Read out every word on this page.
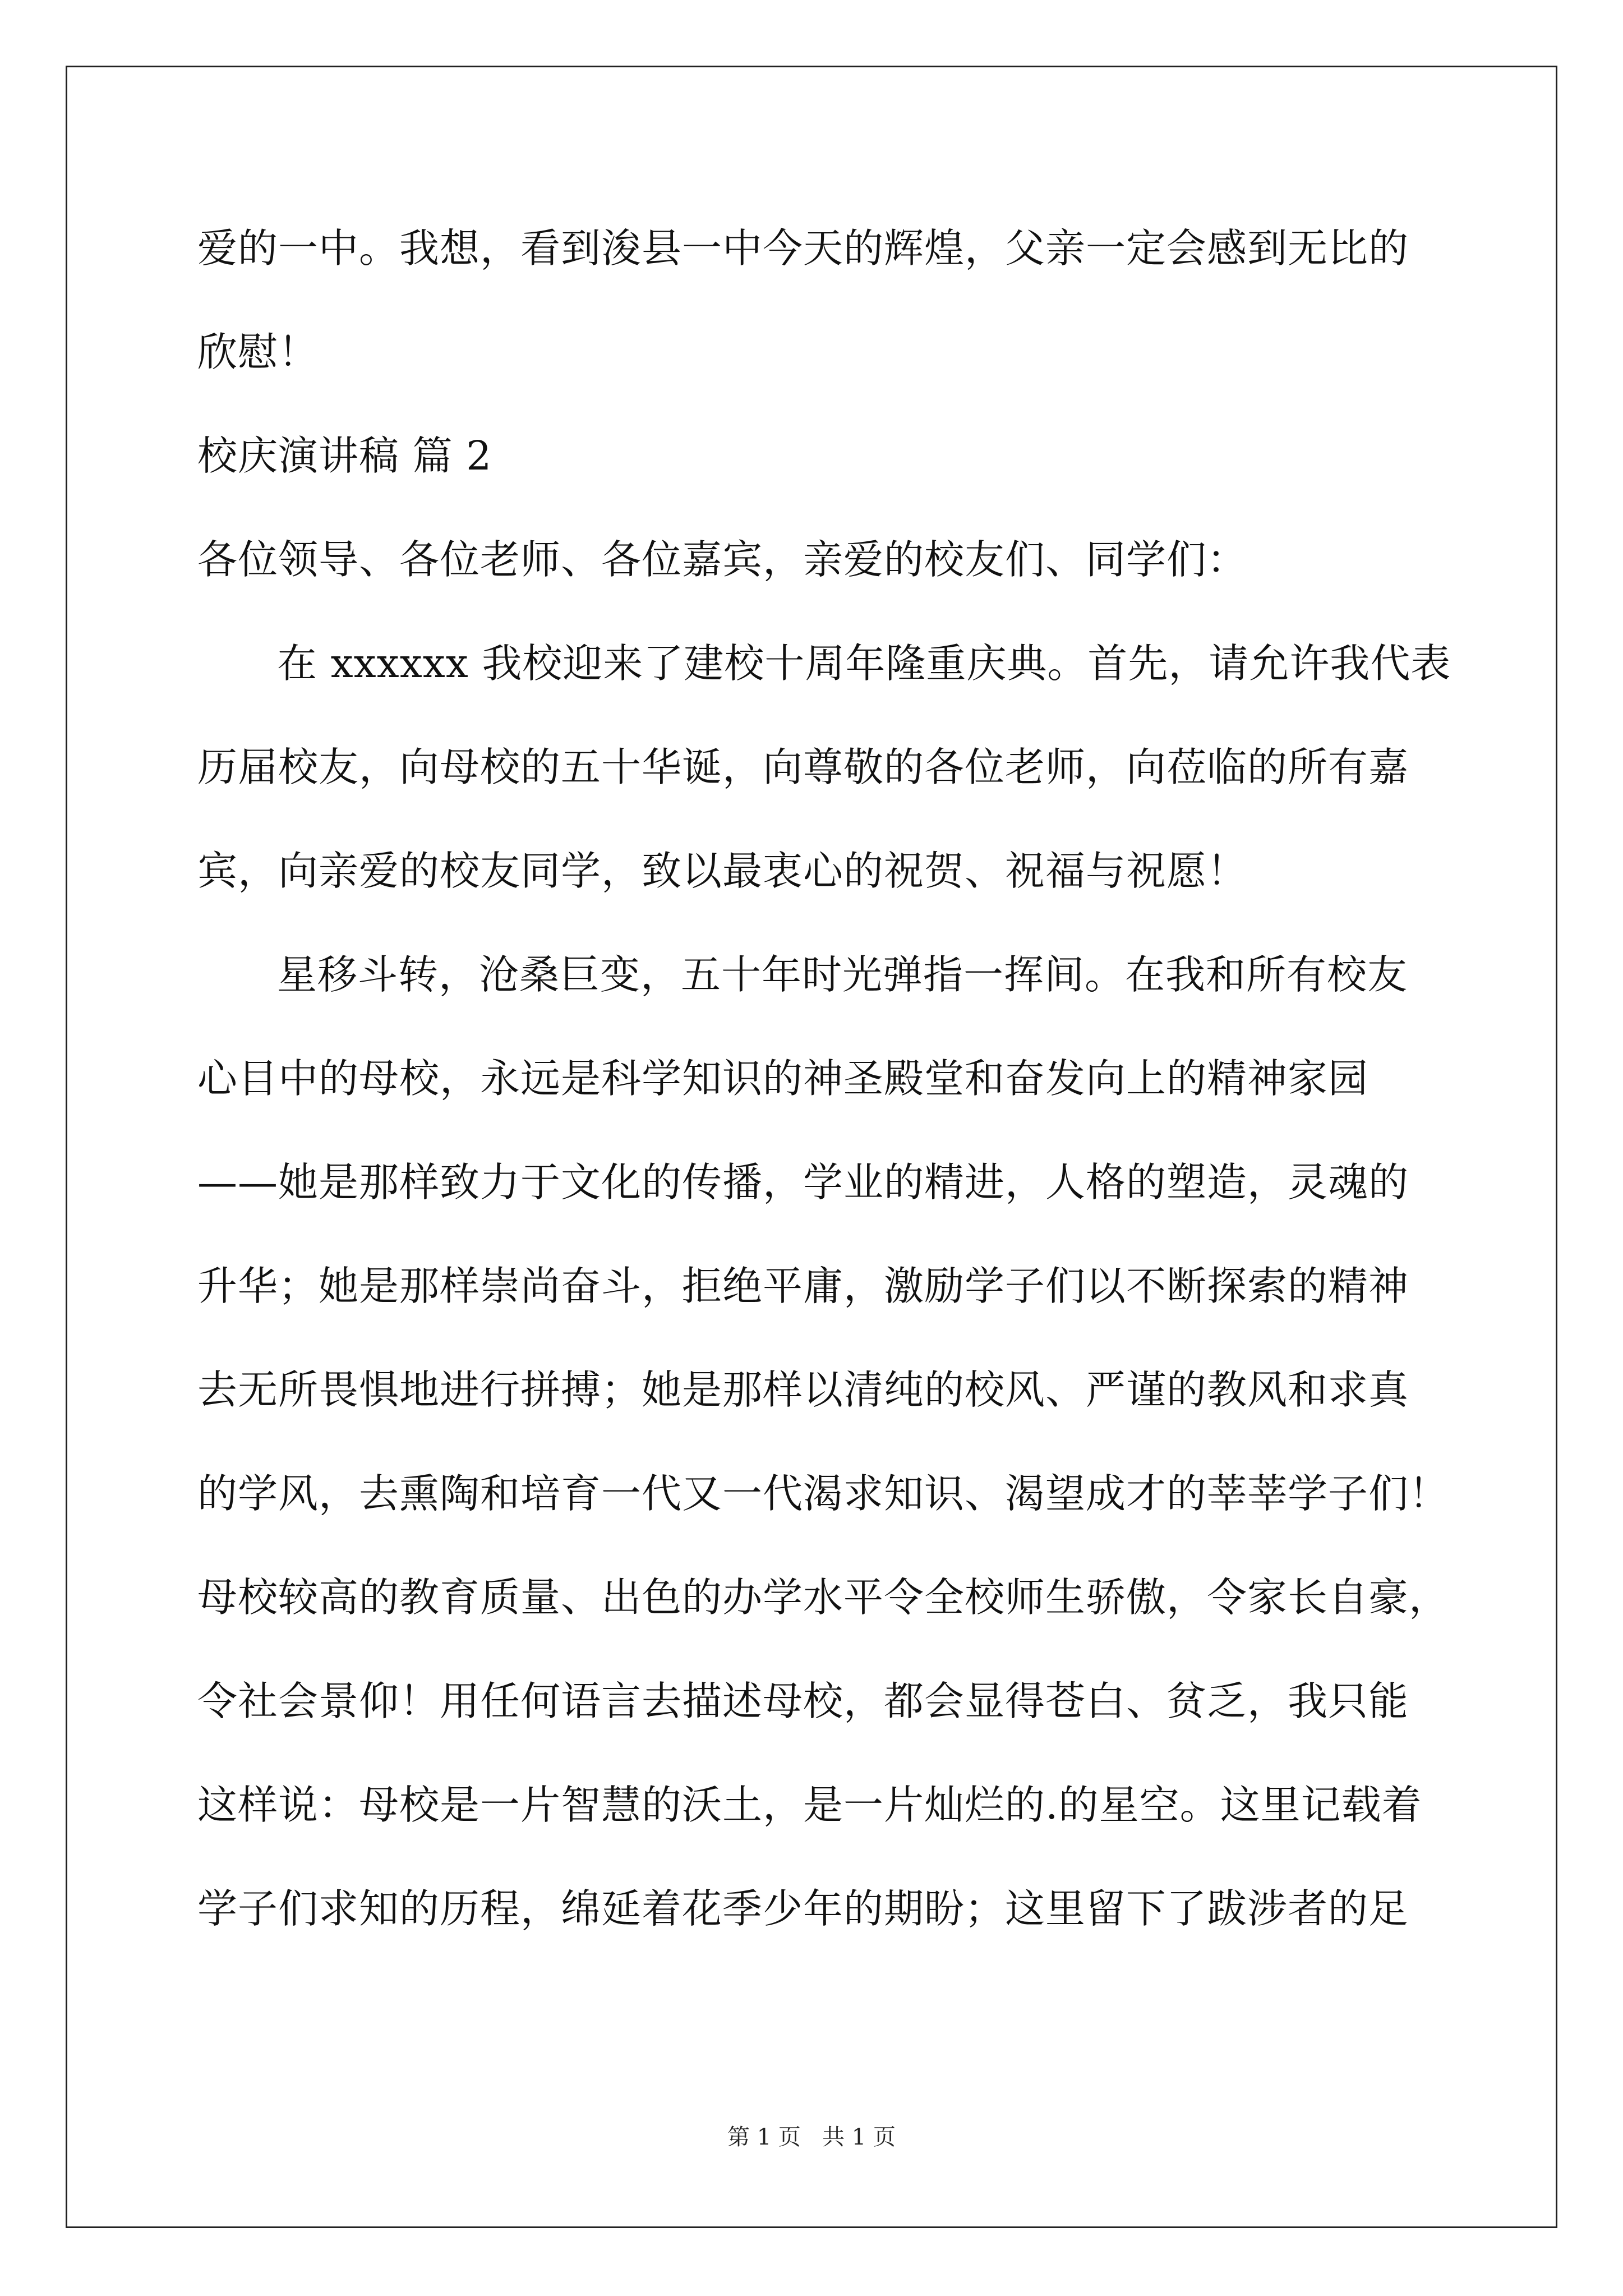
爱的一中。我想，看到浚县一中今天的辉煌，父亲一定会感到无比的
欣慰！
校庆演讲稿 篇 2
各位领导、各位老师、各位嘉宾，亲爱的校友们、同学们：
在 xxxxxx 我校迎来了建校十周年隆重庆典。首先，请允许我代表
历届校友，向母校的五十华诞，向尊敬的各位老师，向莅临的所有嘉
宾，向亲爱的校友同学，致以最衷心的祝贺、祝福与祝愿！
星移斗转，沧桑巨变，五十年时光弹指一挥间。在我和所有校友
心目中的母校，永远是科学知识的神圣殿堂和奋发向上的精神家园
——她是那样致力于文化的传播，学业的精进，人格的塑造，灵魂的
升华；她是那样崇尚奋斗，拒绝平庸，激励学子们以不断探索的精神
去无所畏惧地进行拼搏；她是那样以清纯的校风、严谨的教风和求真
的学风，去熏陶和培育一代又一代渴求知识、渴望成才的莘莘学子们！
母校较高的教育质量、出色的办学水平令全校师生骄傲，令家长自豪，
令社会景仰！用任何语言去描述母校，都会显得苍白、贫乏，我只能
这样说：母校是一片智慧的沃土，是一片灿烂的.的星空。这里记载着
学子们求知的历程，绵延着花季少年的期盼；这里留下了跋涉者的足
第 1 页   共 1 页
